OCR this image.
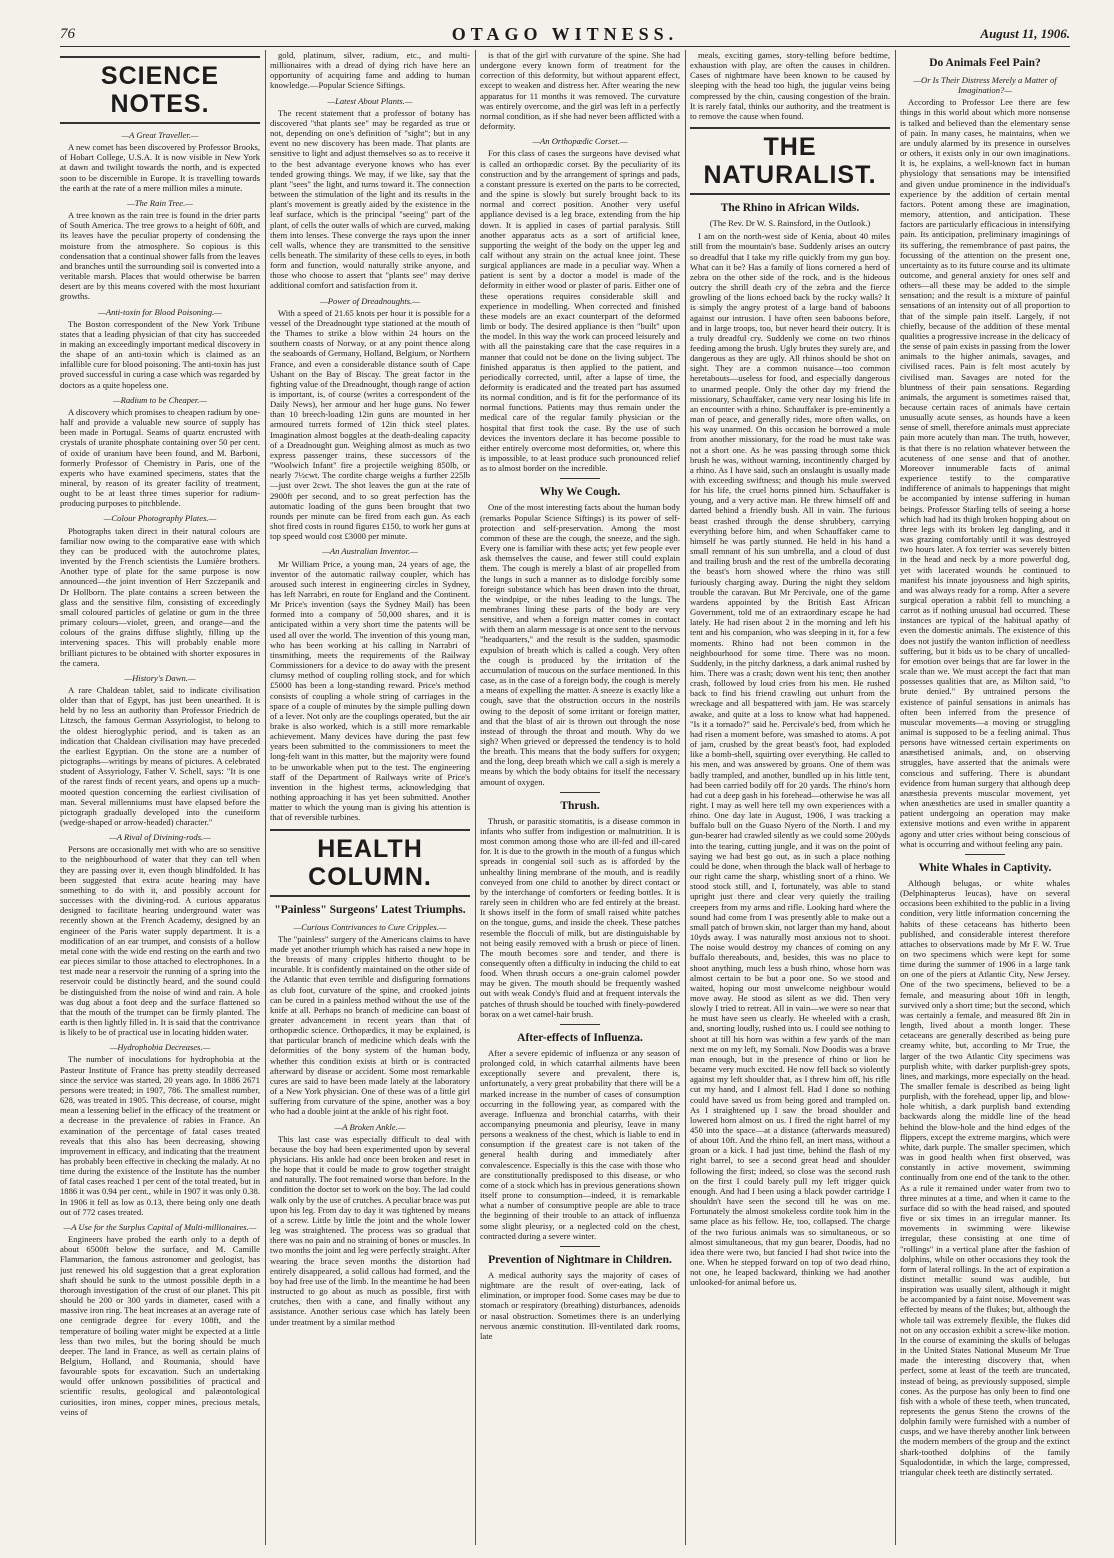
76	OTAGO WITNESS.	August 11, 1906.
SCIENCE NOTES.
—A Great Traveller.—

A new comet has been discovered by Professor Brooks, of Hobart College, U.S.A. It is now visible in New York at dawn and twilight towards the north, and is expected soon to be discernible in Europe. It is travelling towards the earth at the rate of a mere million miles a minute.

—The Rain Tree.—

A tree known as the rain tree is found in the drier parts of South America. The tree grows to a height of 60ft, and its leaves have the peculiar property of condensing the moisture from the atmosphere. So copious is this condensation that a continual shower falls from the leaves and branches until the surrounding soil is converted into a veritable marsh. Places that would otherwise be barren desert are by this means covered with the most luxuriant growths.

—Anti-toxin for Blood Poisoning.—

The Boston correspondent of the New York Tribune states that a leading physician of that city has succeeded in making an exceedingly important medical discovery in the shape of an anti-toxin which is claimed as an infallible cure for blood poisoning. The anti-toxin has just proved successful in curing a case which was regarded by doctors as a quite hopeless one.

—Radium to be Cheaper.—

A discovery which promises to cheapen radium by one-half and provide a valuable new source of supply has been made in Portugal. Seams of quartz encrusted with crystals of uranite phosphate containing over 50 per cent. of oxide of uranium have been found, and M. Barboni, formerly Professor of Chemistry in Paris, one of the experts who have examined specimens, states that the mineral, by reason of its greater facility of treatment, ought to be at least three times superior for radium-producing purposes to pitchblende.

—Colour Photography Plates.—

Photographs taken direct in their natural colours are familiar now owing to the comparative ease with which they can be produced with the autochrome plates, invented by the French scientists the Lumière brothers. Another type of plate for the same purpose is now announced—the joint invention of Herr Szczepanik and Dr Hollborn. The plate contains a screen between the glass and the sensitive film, consisting of exceedingly small coloured particles of gelatine or gum in the three primary colours—violet, green, and orange—and the colours of the grains diffuse slightly, filling up the intervening spaces. This will probably enable more brilliant pictures to be obtained with shorter exposures in the camera.

—History's Dawn.—

A rare Chaldean tablet, said to indicate civilisation older than that of Egypt, has just been unearthed. It is held by no less an authority than Professor Friedrich de Litzsch, the famous German Assyriologist, to belong to the oldest hieroglyphic period, and is taken as an indication that Chaldean civilisation may have preceded the earliest Egyptian. On the stone are a number of pictographs—writings by means of pictures. A celebrated student of Assyriology, Father V. Schell, says: "It is one of the rarest finds of recent years, and opens up a much-mooted question concerning the earliest civilisation of man. Several millenniums must have elapsed before the pictograph gradually developed into the cuneiform (wedge-shaped or arrow-headed) character."

—A Rival of Divining-rods.—

Persons are occasionally met with who are so sensitive to the neighbourhood of water that they can tell when they are passing over it, even though blindfolded. It has been suggested that extra acute hearing may have something to do with it, and possibly account for successes with the divining-rod. A curious apparatus designed to facilitate hearing underground water was recently shown at the French Academy, designed by an engineer of the Paris water supply department. It is a modification of an ear trumpet, and consists of a hollow metal cone with the wide end resting on the earth and two ear pieces similar to those attached to electrophones. In a test made near a reservoir the running of a spring into the reservoir could be distinctly heard, and the sound could be distinguished from the noise of wind and rain. A hole was dug about a foot deep and the surface flattened so that the mouth of the trumpet can be firmly planted. The earth is then lightly filled in. It is said that the contrivance is likely to be of practical use in locating hidden water.

—Hydrophobia Decreases.—

The number of inoculations for hydrophobia at the Pasteur Institute of France has pretty steadily decreased since the service was started, 20 years ago. In 1886 2671 persons were treated; in 1907, 786. The smallest number, 628, was treated in 1905. This decrease, of course, might mean a lessening belief in the efficacy of the treatment or a decrease in the prevalence of rabies in France. An examination of the percentage of fatal cases treated reveals that this also has been decreasing, showing improvement in efficacy, and indicating that the treatment has probably been effective in checking the malady. At no time during the existence of the Institute has the number of fatal cases reached 1 per cent of the total treated, but in 1886 it was 0.94 per cent., while in 1907 it was only 0.38. In 1906 it fell as low as 0.13, there being only one death out of 772 cases treated.

—A Use for the Surplus Capital of Multi-millionaires.—

Engineers have probed the earth only to a depth of about 6500ft below the surface, and M. Camille Flammarion, the famous astronomer and geologist, has just renewed his old suggestion that a great exploration shaft should be sunk to the utmost possible depth in a thorough investigation of the crust of our planet. This pit should be 200 or 300 yards in diameter, cased with a massive iron ring. The heat increases at an average rate of one centigrade degree for every 108ft, and the temperature of boiling water might be expected at a little less than two miles, but the boring should be much deeper. The land in France, as well as certain plains of Belgium, Holland, and Roumania, should have favourable spots for excavation. Such an undertaking would offer unknown possibilities of practical and scientific results, geological and palæontological curiosities, iron mines, copper mines, precious metals, veins of

gold, platinum, silver, radium, etc., and multi-millionaires with a dread of dying rich have here an opportunity of acquiring fame and adding to human knowledge.—Popular Science Siftings.

—Latest About Plants.—

The recent statement that a professor of botany has discovered "that plants see" may be regarded as true or not, depending on one's definition of "sight"; but in any event no new discovery has been made. That plants are sensitive to light and adjust themselves so as to receive it to the best advantage everyone knows who has ever tended growing things. We may, if we like, say that the plant "sees" the light, and turns toward it. The connection between the stimulation of the light and its results in the plant's movement is greatly aided by the existence in the leaf surface, which is the principal "seeing" part of the plant, of cells the outer walls of which are curved, making them into lenses. These converge the rays upon the inner cell walls, whence they are transmitted to the sensitive cells beneath. The similarity of these cells to eyes, in both form and function, would naturally strike anyone, and those who choose to assert that "plants see" may derive additional comfort and satisfaction from it.

—Power of Dreadnoughts.—

With a speed of 21.65 knots per hour it is possible for a vessel of the Dreadnought type stationed at the mouth of the Thames to strike a blow within 24 hours on the southern coasts of Norway, or at any point thence along the seaboards of Germany, Holland, Belgium, or Northern France, and even a considerable distance south of Cape Ushant on the Bay of Biscay. The great factor in the fighting value of the Dreadnought, though range of action is important, is, of course (writes a correspondent of the Daily News), her armour and her huge guns. No fewer than 10 breech-loading 12in guns are mounted in her armoured turrets formed of 12in thick steel plates. Imagination almost boggles at the death-dealing capacity of a Dreadnought gun. Weighing almost as much as two express passenger trains, these successors of the "Woolwich Infant" fire a projectile weighing 850lb, or nearly 7½cwt. The cordite charge weighs a further 225lb—just over 2cwt. The shot leaves the gun at the rate of 2900ft per second, and to so great perfection has the automatic loading of the guns been brought that two rounds per minute can be fired from each gun. As each shot fired costs in round figures £150, to work her guns at top speed would cost £3000 per minute.

—An Australian Inventor.—

Mr William Price, a young man, 24 years of age, the inventor of the automatic railway coupler, which has aroused such interest in engineering circles in Sydney, has left Narrabri, en route for England and the Continent. Mr Price's invention (says the Sydney Mail) has been formed into a company of 50,000 shares, and it is anticipated within a very short time the patents will be used all over the world. The invention of this young man, who has been working at his calling in Narrabri of tinsmithing, meets the requirements of the Railway Commissioners for a device to do away with the present clumsy method of coupling rolling stock, and for which £5000 has been a long-standing reward. Price's method consists of coupling a whole string of carriages in the space of a couple of minutes by the simple pulling down of a lever. Not only are the couplings operated, but the air brake is also worked, which is a still more remarkable achievement. Many devices have during the past few years been submitted to the commissioners to meet the long-felt want in this matter, but the majority were found to be unworkable when put to the test. The engineering staff of the Department of Railways write of Price's invention in the highest terms, acknowledging that nothing approaching it has yet been submitted. Another matter to which the young man is giving his attention is that of reversible turbines.

HEALTH COLUMN.
"Painless" Surgeons' Latest Triumphs.
—Curious Contrivances to Cure Cripples.—

The "painless" surgery of the Americans claims to have made yet another triumph which has raised a new hope in the breasts of many cripples hitherto thought to be incurable. It is confidently maintained on the other side of the Atlantic that even terrible and disfiguring formations as club foot, curvature of the spine, and crooked joints can be cured in a painless method without the use of the knife at all. Perhaps no branch of medicine can boast of greater advancement in recent years than that of orthopædic science. Orthopædics, it may be explained, is that particular branch of medicine which deals with the deformities of the bony system of the human body, whether this condition exists at birth or is contracted afterward by disease or accident. Some most remarkable cures are said to have been made lately at the laboratory of a New York physician. One of these was of a little girl suffering from curvature of the spine, another was a boy who had a double joint at the ankle of his right foot.

—A Broken Ankle.—

This last case was especially difficult to deal with because the boy had been experimented upon by several physicians. His ankle had once been broken and reset in the hope that it could be made to grow together straight and naturally. The foot remained worse than before. In the condition the doctor set to work on the boy. The lad could walk only by the use of crutches. A peculiar brace was put upon his leg. From day to day it was tightened by means of a screw. Little by little the joint and the whole lower leg was straightened. The process was so gradual that there was no pain and no straining of bones or muscles. In two months the joint and leg were perfectly straight. After wearing the brace seven months the distortion had entirely disappeared, a solid callous had formed, and the boy had free use of the limb. In the meantime he had been instructed to go about as much as possible, first with crutches, then with a cane, and finally without any assistance. Another serious case which has lately been under treatment by a similar method

is that of the girl with curvature of the spine. She had undergone every known form of treatment for the correction of this deformity, but without apparent effect, except to weaken and distress her. After wearing the new apparatus for 11 months it was removed. The curvature was entirely overcome, and the girl was left in a perfectly normal condition, as if she had never been afflicted with a deformity.

—An Orthopædic Corset.—

For this class of cases the surgeons have devised what is called an orthopædic corset. By the peculiarity of its construction and by the arrangement of springs and pads, a constant pressure is exerted on the parts to be corrected, and the spine is slowly but surely brought back to its normal and correct position. Another very useful appliance devised is a leg brace, extending from the hip down. It is applied in cases of partial paralysis. Still another apparatus acts as a sort of artificial knee, supporting the weight of the body on the upper leg and calf without any strain on the actual knee joint. These surgical appliances are made in a peculiar way. When a patient is sent by a doctor a model is made of the deformity in either wood or plaster of paris. Either one of these operations requires considerable skill and experience in modelling. When corrected and finished these models are an exact counterpart of the deformed limb or body. The desired appliance is then "built" upon the model. In this way the work can proceed leisurely and with all the painstaking care that the case requires in a manner that could not be done on the living subject. The finished apparatus is then applied to the patient, and periodically corrected, until, after a lapse of time, the deformity is eradicated and the treated part has assumed its normal condition, and is fit for the performance of its normal functions. Patients may thus remain under the medical care of the regular family physician or the hospital that first took the case. By the use of such devices the inventors declare it has become possible to either entirely overcome most deformities, or, where this is impossible, to at least produce such pronounced relief as to almost border on the incredible.

Why We Cough.

One of the most interesting facts about the human body (remarks Popular Science Siftings) is its power of self-protection and self-preservation. Among the most common of these are the cough, the sneeze, and the sigh. Every one is familiar with these acts; yet few people ever ask themselves the cause, and fewer still could explain them. The cough is merely a blast of air propelled from the lungs in such a manner as to dislodge forcibly some foreign substance which has been drawn into the throat, the windpipe, or the tubes leading to the lungs. The membranes lining these parts of the body are very sensitive, and when a foreign matter comes in contact with them an alarm message is at once sent to the nervous "headquarters," and the result is the sudden, spasmodic expulsion of breath which is called a cough. Very often the cough is produced by the irritation of the accumulation of mucous on the surface mentioned. In this case, as in the case of a foreign body, the cough is merely a means of expelling the matter. A sneeze is exactly like a cough, save that the obstruction occurs in the nostrils owing to the deposit of some irritant or foreign matter, and that the blast of air is thrown out through the nose instead of through the throat and mouth. Why do we sigh? When grieved or depressed the tendency is to hold the breath. This means that the body suffers for oxygen; and the long, deep breath which we call a sigh is merely a means by which the body obtains for itself the necessary amount of oxygen.

Thrush.

Thrush, or parasitic stomatitis, is a disease common in infants who suffer from indigestion or malnutrition. It is most common among those who are ill-fed and ill-cared for. It is due to the growth in the mouth of a fungus which spreads in congenial soil such as is afforded by the unhealthy lining membrane of the mouth, and is readily conveyed from one child to another by direct contact or by the interchange of comforters or feeding bottles. It is rarely seen in children who are fed entirely at the breast. It shows itself in the form of small raised white patches on the tongue, gums, and inside the cheek. These patches resemble the flocculi of milk, but are distinguishable by not being easily removed with a brush or piece of linen. The mouth becomes sore and tender, and there is consequently often a difficulty in inducing the child to eat food. When thrush occurs a one-grain calomel powder may be given. The mouth should be frequently washed out with weak Condy's fluid and at frequent intervals the patches of thrush should be touched with finely-powdered borax on a wet camel-hair brush.

After-effects of Influenza.

After a severe epidemic of influenza or any season of prolonged cold, in which catarrhal ailments have been exceptionally severe and prevalent, there is, unfortunately, a very great probability that there will be a marked increase in the number of cases of consumption occurring in the following year, as compared with the average. Influenza and bronchial catarrhs, with their accompanying pneumonia and pleurisy, leave in many persons a weakness of the chest, which is liable to end in consumption if the greatest care is not taken of the general health during and immediately after convalescence. Especially is this the case with those who are constitutionally predisposed to this disease, or who come of a stock which has in previous generations shown itself prone to consumption—indeed, it is remarkable what a number of consumptive people are able to trace the beginning of their trouble to an attack of influenza some slight pleurisy, or a neglected cold on the chest, contracted during a severe winter.

Prevention of Nightmare in Children.

A medical authority says the majority of cases of nightmare are the result of over-eating, lack of elimination, or improper food. Some cases may be due to stomach or respiratory (breathing) disturbances, adenoids or nasal obstruction. Sometimes there is an underlying nervous anæmic constitution. Ill-ventilated dark rooms, late

meals, exciting games, story-telling before bedtime, exhaustion with play, are often the causes in children. Cases of nightmare have been known to be caused by sleeping with the head too high, the jugular veins being compressed by the chin, causing congestion of the brain. It is rarely fatal, thinks our authority, and the treatment is to remove the cause when found.

THE NATURALIST.
The Rhino in African Wilds.
(The Rev. Dr W. S. Rainsford, in the Outlook.)

I am on the north-west side of Kenia, about 40 miles still from the mountain's base. Suddenly arises an outcry so dreadful that I take my rifle quickly from my gun boy. What can it be? Has a family of lions cornered a herd of zebra on the other side of the rock, and is the hideous outcry the shrill death cry of the zebra and the fierce growling of the lions echoed back by the rocky walls? It is simply the angry protest of a large band of baboons against our intrusion. I have often seen baboons before, and in large troops, too, but never heard their outcry. It is a truly dreadful cry. Suddenly we come on two rhinos feeding among the brush. Ugly brutes they surely are, and dangerous as they are ugly. All rhinos should be shot on sight. They are a common nuisance—too common heretabouts—useless for food, and especially dangerous to unarmed people. Only the other day my friend the missionary, Schauffaker, came very near losing his life in an encounter with a rhino. Schauffaker is pre-eminently a man of peace, and generally rides, more often walks, on his way unarmed. On this occasion he borrowed a mule from another missionary, for the road he must take was not a short one. As he was passing through some thick brush he was, without warning, incontinently charged by a rhino. As I have said, such an onslaught is usually made with exceeding swiftness; and though his mule swerved for his life, the cruel horns pinned him. Schauffaker is young, and a very active man. He threw himself off and darted behind a friendly bush. All in vain. The furious beast crashed through the dense shrubbery, carrying everything before him, and when Schauffaker came to himself he was partly stunned. He held in his hand a small remnant of his sun umbrella, and a cloud of dust and trailing brush and the rest of the umbrella decorating the beast's horn showed where the rhino was still furiously charging away. During the night they seldom trouble the caravan. But Mr Percivale, one of the game wardens appointed by the British East African Government, told me of an extraordinary escape he had lately. He had risen about 2 in the morning and left his tent and his companion, who was sleeping in it, for a few moments. Rhino had not been common in the neighbourhood for some time. There was no moon. Suddenly, in the pitchy darkness, a dark animal rushed by him. There was a crash; down went his tent; then another crash, followed by loud cries from his men. He rushed back to find his friend crawling out unhurt from the wreckage and all bespattered with jam. He was scarcely awake, and quite at a loss to know what had happened. "Is it a tornado?" said he. Percivale's bed, from which he had risen a moment before, was smashed to atoms. A pot of jam, crushed by the great beast's foot, had exploded like a bomb-shell, squirting over everything. He called to his men, and was answered by groans. One of them was badly trampled, and another, bundled up in his little tent, had been carried bodily off for 20 yards. The rhino's horn had cut a deep gash in his forehead—otherwise he was all right. I may as well here tell my own experiences with a rhino. One day late in August, 1906, I was tracking a buffalo bull on the Guaso Nyero of the North. I and my gun-bearer had crawled silently as we could some 200yds into the tearing, cutting jungle, and it was on the point of saying we had best go out, as in such a place nothing could be done, when through the black wall of herbage to our right came the sharp, whistling snort of a rhino. We stood stock still, and I, fortunately, was able to stand upright just there and clear very quietly the trailing creepers from my arms and rifle. Looking hard where the sound had come from I was presently able to make out a small patch of brown skin, not larger than my hand, about 10yds away. I was naturally most anxious not to shoot. The noise would destroy my chances of coming on any buffalo thereabouts, and, besides, this was no place to shoot anything, much less a bush rhino, whose horn was almost certain to be but a poor one. So we stood and waited, hoping our most unwelcome neighbour would move away. He stood as silent as we did. Then very slowly I tried to retreat. All in vain—we were so near that he must have seen us clearly. He wheeled with a crash, and, snorting loudly, rushed into us. I could see nothing to shoot at till his horn was within a few yards of the man next me on my left, my Somali. Now Doodis was a brave man enough, but in the presence of rhino or lion he became very much excited. He now fell back so violently against my left shoulder that, as I threw him off, his rifle cut my hand, and I almost fell. Had I done so nothing could have saved us from being gored and trampled on. As I straightened up I saw the broad shoulder and lowered horn almost on us. I fired the right barrel of my 450 into the space—at a distance (afterwards measured) of about 10ft. And the rhino fell, an inert mass, without a groan or a kick. I had just time, behind the flash of my right barrel, to see a second great head and shoulder following the first; indeed, so close was the second rush on the first I could barely pull my left trigger quick enough. And had I been using a black powder cartridge I shouldn't have seen the second till he was on me. Fortunately the almost smokeless cordite took him in the same place as his fellow. He, too, collapsed. The charge of the two furious animals was so simultaneous, or so almost simultaneous, that my gun bearer, Doodis, had no idea there were two, but fancied I had shot twice into the one. When he stepped forward on top of two dead rhino, not one, he leaped backward, thinking we had another unlooked-for animal before us.

Do Animals Feel Pain?
—Or Is Their Distress Merely a Matter of Imagination?—

According to Professor Lee there are few things in this world about which more nonsense is talked and believed than the elementary sense of pain. In many cases, he maintains, when we are unduly alarmed by its presence in ourselves or others, it exists only in our own imaginations. It is, he explains, a well-known fact in human physiology that sensations may be intensified and given undue prominence in the individual's experience by the addition of certain mental factors. Potent among these are imagination, memory, attention, and anticipation. These factors are particularly efficacious in intensifying pain. Its anticipation, preliminary imaginings of its suffering, the remembrance of past pains, the focussing of the attention on the present one, uncertainty as to its future course and its ultimate outcome, and general anxiety for ones self and others—all these may be added to the simple sensation; and the result is a mixture of painful sensations of an intensity out of all proportion to that of the simple pain itself. Largely, if not chiefly, because of the addition of these mental qualities a progressive increase in the delicacy of the sense of pain exists in passing from the lower animals to the higher animals, savages, and civilised races. Pain is felt most acutely by civilised man. Savages are noted for the bluntness of their pain sensations. Regarding animals, the argument is sometimes raised that, because certain races of animals have certain unusually acute senses, as hounds have a keen sense of smell, therefore animals must appreciate pain more acutely than man. The truth, however, is that there is no relation whatever between the acuteness of one sense and that of another. Moreover innumerable facts of animal experience testify to the comparative indifference of animals to happenings that might be accompanied by intense suffering in human beings. Professor Starling tells of seeing a horse which had had its thigh broken hopping about on three legs with its broken leg dangling, and it was grazing comfortably until it was destroyed two hours later. A fox terrier was severely bitten in the head and neck by a more powerful dog, yet with lacerated wounds he continued to manifest his innate joyousness and high spirits, and was always ready for a romp. After a severe surgical operation a rabbit fell to munching a carrot as if nothing unusual had occurred. These instances are typical of the habitual apathy of even the domestic animals. The existence of this does not justify the wanton infliction of needless suffering, but it bids us to be chary of uncalled-for emotion over beings that are far lower in the scale than we. We must accept the fact that man possesses qualities that are, as Milton said, "to brute denied." By untrained persons the existence of painful sensations in animals has often been inferred from the presence of muscular movements—a moving or struggling animal is supposed to be a feeling animal. Thus persons have witnessed certain experiments on anæsthetised animals, and, on observing struggles, have asserted that the animals were conscious and suffering. There is abundant evidence from human surgery that although deep anæsthesia prevents muscular movement, yet when anæsthetics are used in smaller quantity a patient undergoing an operation may make extensive motions and even writhe in apparent agony and utter cries without being conscious of what is occurring and without feeling any pain.

White Whales in Captivity.

Although belugas, or white whales (Delphinapterus leucas), have on several occasions been exhibited to the public in a living condition, very little information concerning the habits of these cetaceans has hitherto been published, and considerable interest therefore attaches to observations made by Mr F. W. True on two specimens which were kept for some time during the summer of 1906 in a large tank on one of the piers at Atlantic City, New Jersey. One of the two specimens, believed to be a female, and measuring about 10ft in length, survived only a short time; but the second, which was certainly a female, and measured 8ft 2in in length, lived about a month longer. These cetaceans are generally described as being pure creamy white, but, according to Mr True, the larger of the two Atlantic City specimens was purplish white, with darker purplish-grey spots, lines, and markings, more especially on the head. The smaller female is described as being light purplish, with the forehead, upper lip, and blow-hole whitish, a dark purplish band extending backwards along the middle line of the head behind the blow-hole and the hind edges of the flippers, except the extreme margins, which were white, dark purple. The smaller specimen, which was in good health when first observed, was constantly in active movement, swimming continually from one end of the tank to the other. As a rule it remained under water from two to three minutes at a time, and when it came to the surface did so with the head raised, and spouted five or six times in an irregular manner. Its movements in swimming were likewise irregular, these consisting at one time of "rollings" in a vertical plane after the fashion of dolphins, while on other occasions they took the form of lateral rollings. In the act of expiration a distinct metallic sound was audible, but inspiration was usually silent, although it might be accompanied by a faint noise. Movement was effected by means of the flukes; but, although the whole tail was extremely flexible, the flukes did not on any occasion exhibit a screw-like motion. In the course of examining the skulls of belugas in the United States National Museum Mr True made the interesting discovery that, when perfect, some at least of the teeth are truncated, instead of being, as previously supposed, simple cones. As the purpose has only been to find one fish with a whole of these teeth, when truncated, represents the genus Steno the crowns of the dolphin family were furnished with a number of cusps, and we have thereby another link between the modern members of the group and the extinct shark-toothed dolphins of the family Squalodontidæ, in which the large, compressed, triangular cheek teeth are distinctly serrated.
